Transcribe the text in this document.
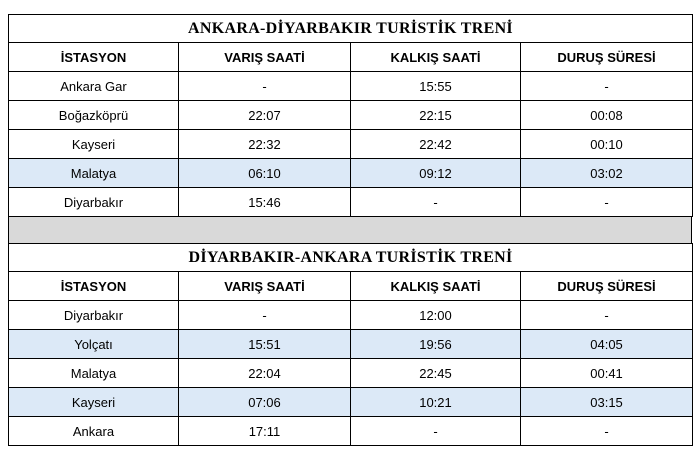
ANKARA-DİYARBAKIR TURİSTİK TRENİ			
İSTASYON	VARIŞ SAATİ	KALKIŞ SAATİ	DURUŞ SÜRESİ
Ankara Gar	-	15:55	-
Boğazköprü	22:07	22:15	00:08
Kayseri	22:32	22:42	00:10
Malatya	06:10	09:12	03:02
Diyarbakır	15:46	-	-
DİYARBAKIR-ANKARA TURİSTİK TRENİ			
İSTASYON	VARIŞ SAATİ	KALKIŞ SAATİ	DURUŞ SÜRESİ
Diyarbakır	-	12:00	-
Yolçatı	15:51	19:56	04:05
Malatya	22:04	22:45	00:41
Kayseri	07:06	10:21	03:15
Ankara	17:11	-	-
